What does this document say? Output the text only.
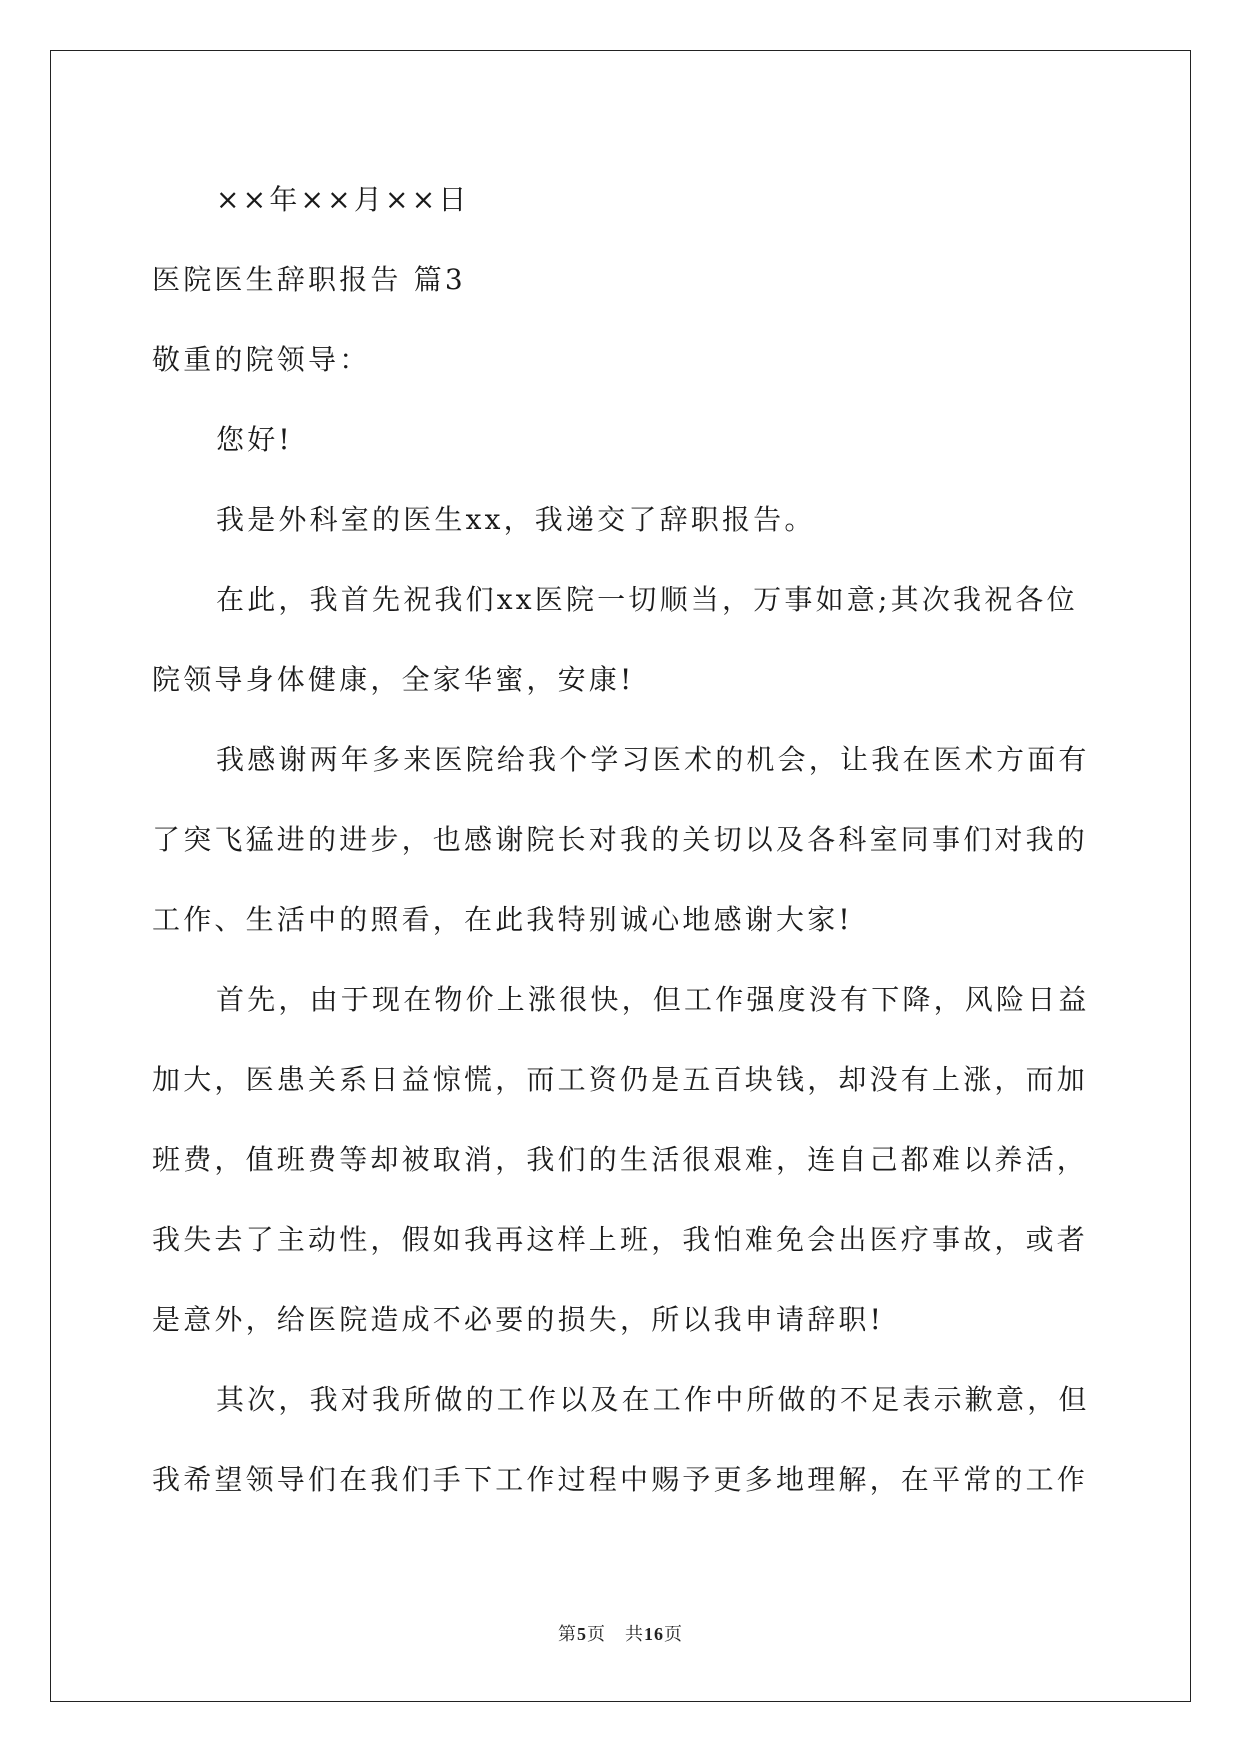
××年××月××日
医院医生辞职报告 篇3
敬重的院领导：
您好!
我是外科室的医生xx，我递交了辞职报告。
在此，我首先祝我们xx医院一切顺当，万事如意;其次我祝各位
院领导身体健康，全家华蜜，安康!
我感谢两年多来医院给我个学习医术的机会，让我在医术方面有
了突飞猛进的进步，也感谢院长对我的关切以及各科室同事们对我的
工作、生活中的照看，在此我特别诚心地感谢大家!
首先，由于现在物价上涨很快，但工作强度没有下降，风险日益
加大，医患关系日益惊慌，而工资仍是五百块钱，却没有上涨，而加
班费，值班费等却被取消，我们的生活很艰难，连自己都难以养活，
我失去了主动性，假如我再这样上班，我怕难免会出医疗事故，或者
是意外，给医院造成不必要的损失，所以我申请辞职!
其次，我对我所做的工作以及在工作中所做的不足表示歉意，但
我希望领导们在我们手下工作过程中赐予更多地理解，在平常的工作
第5页　共16页
